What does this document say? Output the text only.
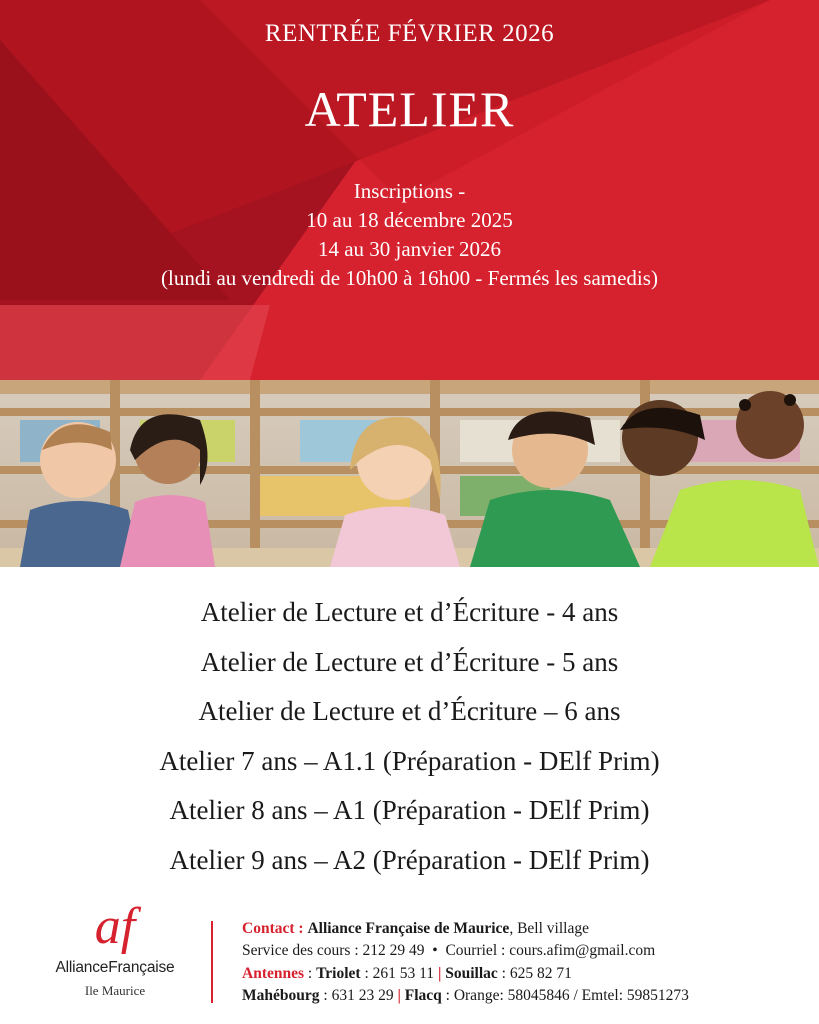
RENTRÉE FÉVRIER 2026
ATELIER
Inscriptions -
10 au 18 décembre 2025
14 au 30 janvier 2026
(lundi au vendredi de 10h00 à 16h00 - Fermés les samedis)
Atelier de Lecture et d’Écriture - 4 ans
Atelier de Lecture et d’Écriture - 5 ans
Atelier de Lecture et d’Écriture – 6 ans
Atelier 7 ans – A1.1 (Préparation - DElf Prim)
Atelier 8 ans – A1 (Préparation - DElf Prim)
Atelier 9 ans – A2 (Préparation - DElf Prim)
af
AllianceFrançaise
Ile Maurice
Contact : Alliance Française de Maurice, Bell village
Service des cours : 212 29 49  •  Courriel : cours.afim@gmail.com
Antennes : Triolet : 261 53 11 | Souillac : 625 82 71
Mahébourg : 631 23 29 | Flacq : Orange: 58045846 / Emtel: 59851273
